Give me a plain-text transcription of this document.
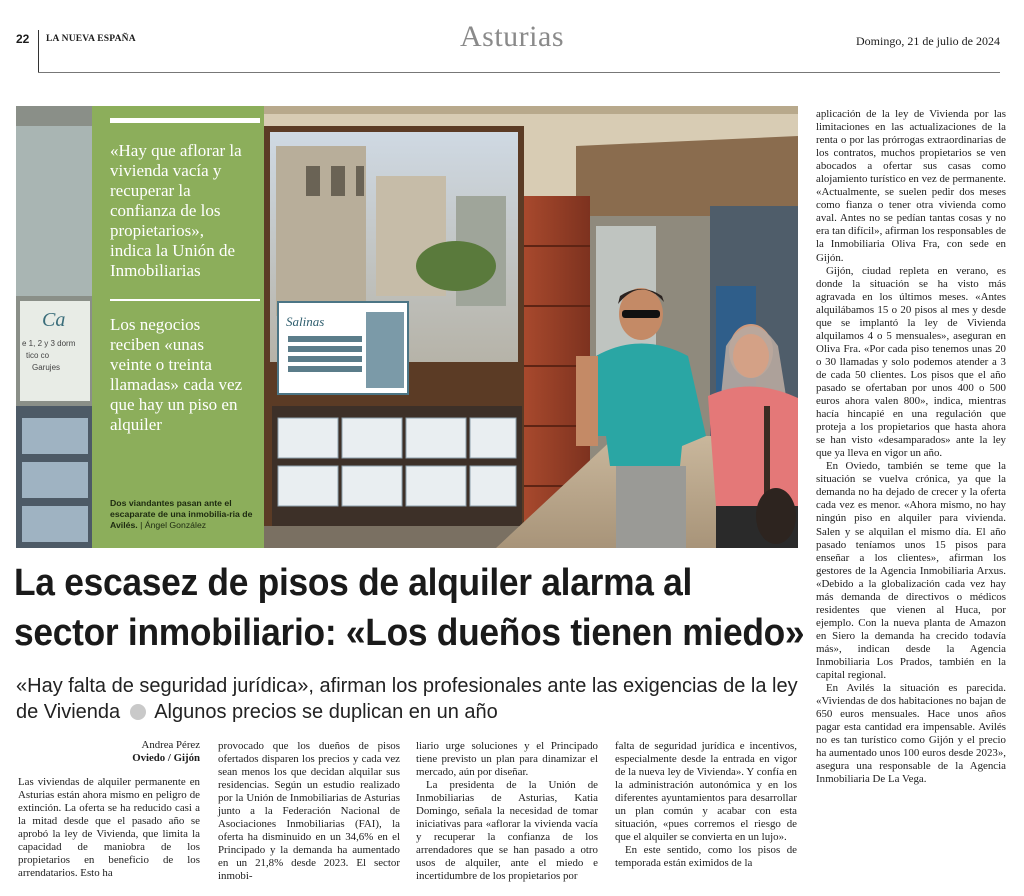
22 LA NUEVA ESPAÑA	Asturias	Domingo, 21 de julio de 2024
Ca
e 1, 2 y 3 dorm
tico co
Garujes
Salinas
«Hay que aflorar la vivienda vacía y recuperar la confianza de los propietarios», indica la Unión de Inmobiliarias
Los negocios reciben «unas veinte o treinta llamadas» cada vez que hay un piso en alquiler
Dos viandantes pasan ante el escaparate de una inmobilia-ria de Avilés. | Ángel González

aplicación de la ley de Vivienda por las limitaciones en las actualizaciones de la renta o por las prórrogas extraordinarias de los contratos, muchos propietarios se ven abocados a ofertar sus casas como alojamiento turístico en vez de permanente. «Actualmente, se suelen pedir dos meses como fianza o tener otra vivienda como aval. Antes no se pedían tantas cosas y no era tan difícil», afirman los responsables de la Inmobiliaria Oliva Fra, con sede en Gijón.

Gijón, ciudad repleta en verano, es donde la situación se ha visto más agravada en los últimos meses. «Antes alquilábamos 15 o 20 pisos al mes y desde que se implantó la ley de Vivienda alquilamos 4 o 5 mensuales», aseguran en Oliva Fra. «Por cada piso tenemos unas 20 o 30 llamadas y solo podemos atender a 3 de cada 50 clientes. Los pisos que el año pasado se ofertaban por unos 400 o 500 euros ahora valen 800», indica, mientras hacía hincapié en una regulación que proteja a los propietarios que hasta ahora se han visto «desamparados» ante la ley que ya lleva en vigor un año.

En Oviedo, también se teme que la situación se vuelva crónica, ya que la demanda no ha dejado de crecer y la oferta cada vez es menor. «Ahora mismo, no hay ningún piso en alquiler para vivienda. Salen y se alquilan el mismo día. El año pasado teníamos unos 15 pisos para enseñar a los clientes», afirman los gestores de la Agencia Inmobiliaria Arxus. «Debido a la globalización cada vez hay más demanda de directivos o médicos residentes que vienen al Huca, por ejemplo. Con la nueva planta de Amazon en Siero la demanda ha crecido todavía más», indican desde la Agencia Inmobiliaria Los Prados, también en la capital regional.

En Avilés la situación es parecida. «Viviendas de dos habitaciones no bajan de 650 euros mensuales. Hace unos años pagar esta cantidad era impensable. Avilés no es tan turístico como Gijón y el precio ha aumentado unos 100 euros desde 2023», asegura una responsable de la Agencia Inmobiliaria De La Vega.

La escasez de pisos de alquiler alarma al
sector inmobiliario: «Los dueños tienen miedo»
«Hay falta de seguridad jurídica», afirman los profesionales ante las exigencias de la ley de Vivienda Algunos precios se duplican en un año
Andrea Pérez
Oviedo / Gijón

Las viviendas de alquiler permanente en Asturias están ahora mismo en peligro de extinción. La oferta se ha reducido casi a la mitad desde que el pasado año se aprobó la ley de Vivienda, que limita la capacidad de maniobra de los propietarios en beneficio de los arrendatarios. Esto ha

provocado que los dueños de pisos ofertados disparen los precios y cada vez sean menos los que decidan alquilar sus residencias. Según un estudio realizado por la Unión de Inmobiliarias de Asturias junto a la Federación Nacional de Asociaciones Inmobiliarias (FAI), la oferta ha disminuido en un 34,6% en el Principado y la demanda ha aumentado en un 21,8% desde 2023. El sector inmobi-

liario urge soluciones y el Principado tiene previsto un plan para dinamizar el mercado, aún por diseñar.

La presidenta de la Unión de Inmobiliarias de Asturias, Katia Domingo, señala la necesidad de tomar iniciativas para «aflorar la vivienda vacía y recuperar la confianza de los arrendadores que se han pasado a otro usos de alquiler, ante el miedo e incertidumbre de los propietarios por

falta de seguridad jurídica e incentivos, especialmente desde la entrada en vigor de la nueva ley de Vivienda». Y confía en la administración autonómica y en los diferentes ayuntamientos para desarrollar un plan común y acabar con esta situación, «pues corremos el riesgo de que el alquiler se convierta en un lujo».

En este sentido, como los pisos de temporada están eximidos de la
